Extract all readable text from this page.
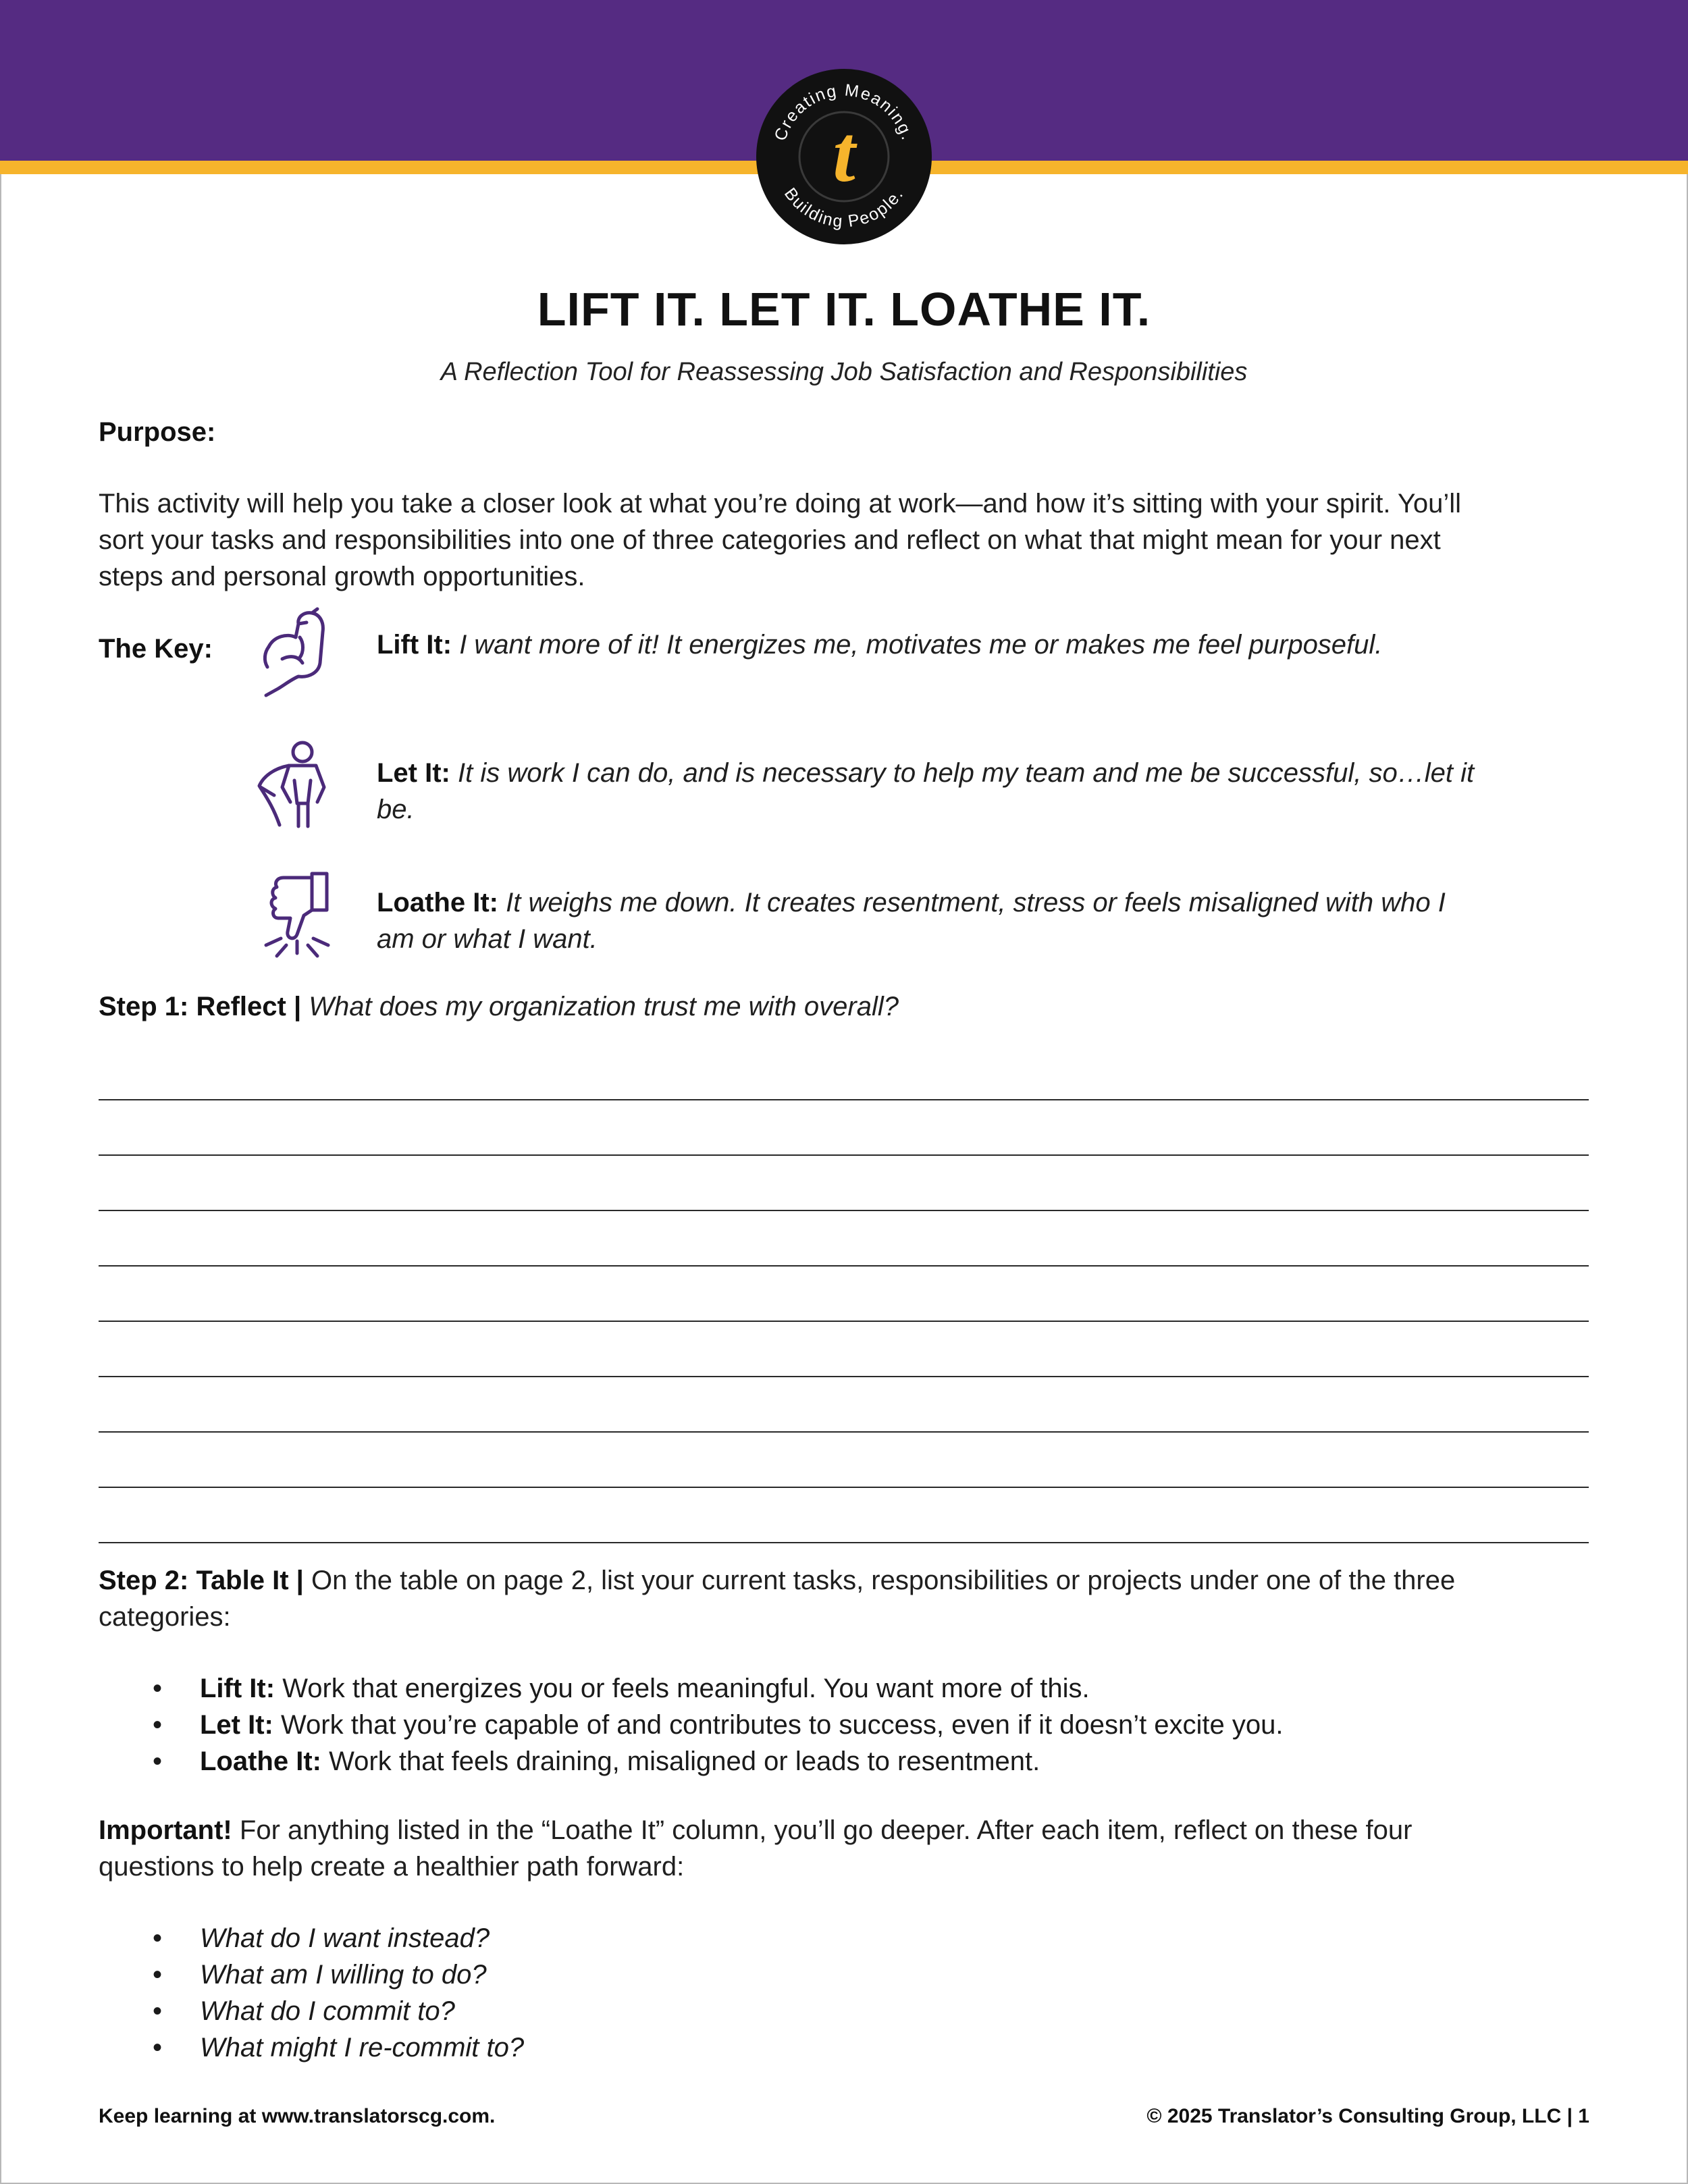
Creating Meaning.
Building People.
t
LIFT IT. LET IT. LOATHE IT.
A Reflection Tool for Reassessing Job Satisfaction and Responsibilities
Purpose:
This activity will help you take a closer look at what you’re doing at work—and how it’s sitting with your spirit. You’ll
sort your tasks and responsibilities into one of three categories and reflect on what that might mean for your next
steps and personal growth opportunities.
The Key:	Lift It: I want more of it! It energizes me, motivates me or makes me feel purposeful.
Let It: It is work I can do, and is necessary to help my team and me be successful, so…let it
be.
Loathe It: It weighs me down. It creates resentment, stress or feels misaligned with who I
am or what I want.
Step 1: Reflect | What does my organization trust me with overall?
Step 2: Table It | On the table on page 2, list your current tasks, responsibilities or projects under one of the three
categories:
• Lift It: Work that energizes you or feels meaningful. You want more of this.
• Let It: Work that you’re capable of and contributes to success, even if it doesn’t excite you.
• Loathe It: Work that feels draining, misaligned or leads to resentment.
Important! For anything listed in the “Loathe It” column, you’ll go deeper. After each item, reflect on these four
questions to help create a healthier path forward:
• What do I want instead?
• What am I willing to do?
• What do I commit to?
• What might I re-commit to?
Keep learning at www.translatorscg.com.	© 2025 Translator’s Consulting Group, LLC | 1
